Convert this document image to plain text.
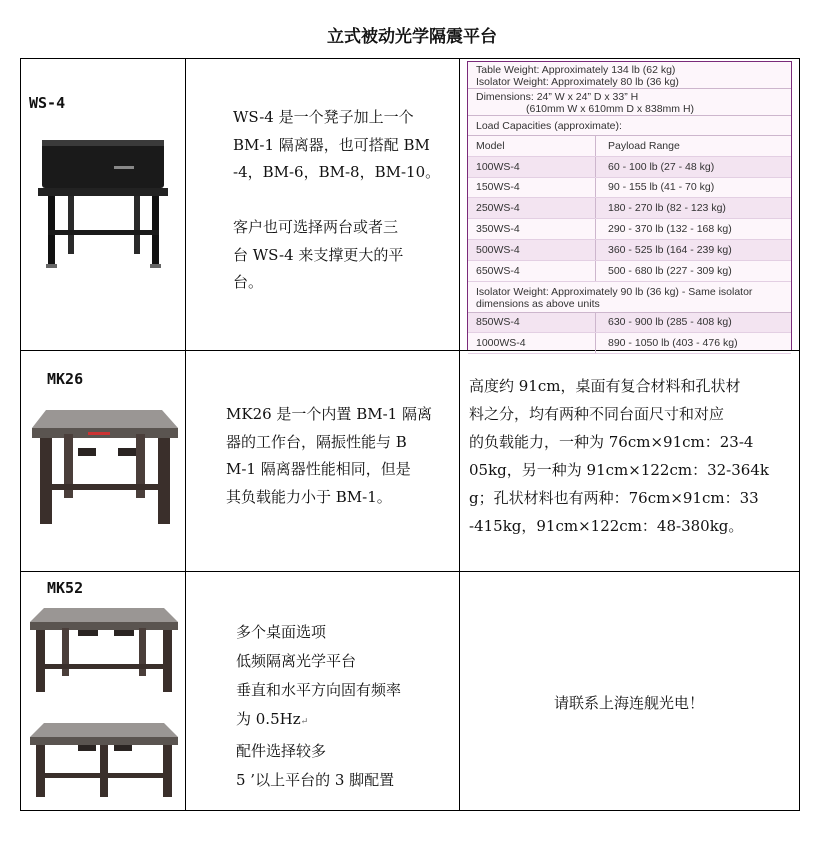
立式被动光学隔震平台
WS-4

WS-4 是一个凳子加上一个

BM-1 隔离器，也可搭配 BM

-4，BM-6，BM-8，BM-10。

客户也可选择两台或者三

台 WS-4 来支撑更大的平

台。

Table Weight: Approximately 134 lb (62 kg)
Isolator Weight: Approximately 80 lb (36 kg)
Dimensions: 24” W x 24” D x 33” H
(610mm W x 610mm D x 838mm H)
Load Capacities (approximate):
Model	Payload Range
100WS-4	60 - 100 lb (27 - 48 kg)
150WS-4	90 - 155 lb (41 - 70 kg)
250WS-4	180 - 270 lb (82 - 123 kg)
350WS-4	290 - 370 lb (132 - 168 kg)
500WS-4	360 - 525 lb (164 - 239 kg)
650WS-4	500 - 680 lb (227 - 309 kg)
Isolator Weight: Approximately 90 lb (36 kg) - Same isolator
dimensions as above units
850WS-4	630 - 900 lb (285 - 408 kg)
1000WS-4	890 - 1050 lb (403 - 476 kg)
MK26

MK26 是一个内置 BM-1 隔离

器的工作台，隔振性能与 B

M-1 隔离器性能相同，但是

其负载能力小于 BM-1。

高度约 91cm，桌面有复合材料和孔状材

料之分，均有两种不同台面尺寸和对应

的负载能力，一种为 76cm×91cm：23-4

05kg，另一种为 91cm×122cm：32-364k

g；孔状材料也有两种：76cm×91cm：33

-415kg，91cm×122cm：48-380kg。

MK52

多个桌面选项

低频隔离光学平台

垂直和水平方向固有频率

为 0.5Hz↵

配件选择较多

5 ’以上平台的 3 脚配置

请联系上海连舰光电！
